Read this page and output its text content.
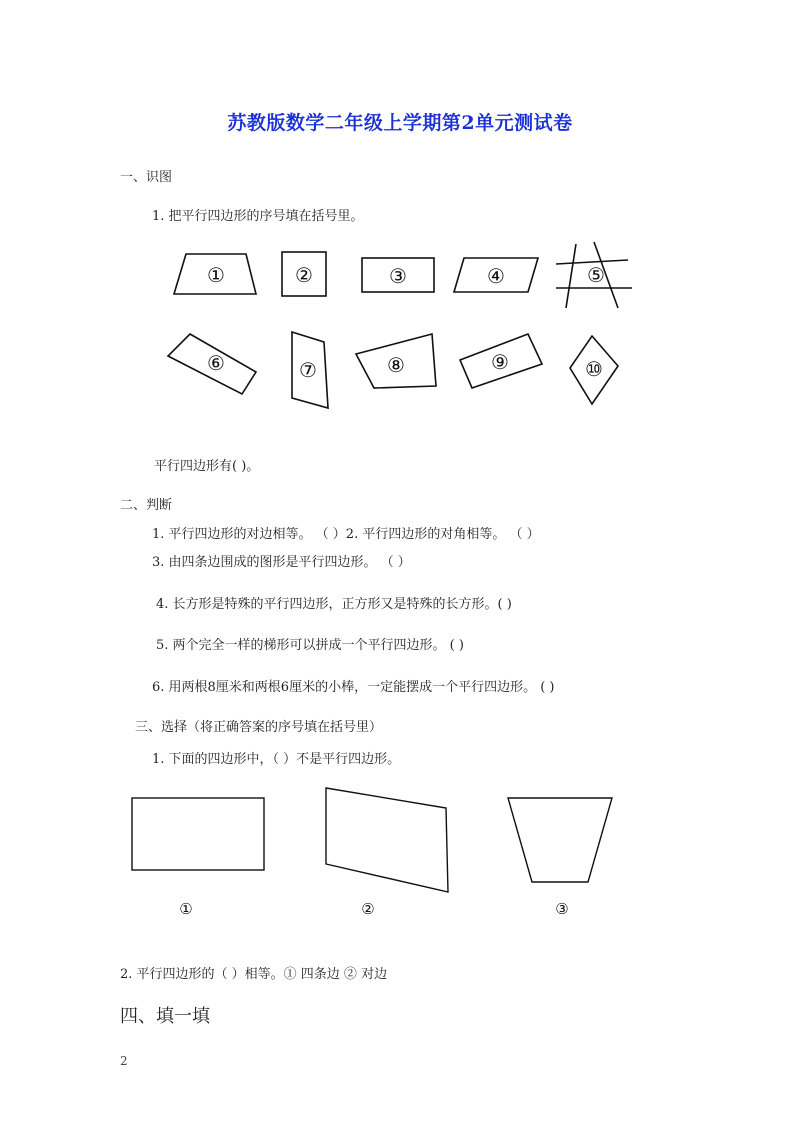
苏教版数学二年级上学期第2单元测试卷
一、识图
1. 把平行四边形的序号填在括号里。
①	②	③	④	⑤
⑥	⑦	⑧	⑨	⑩
平行四边形有( )。
二、判断
1. 平行四边形的对边相等。 （ ）2. 平行四边形的对角相等。 （ ）
3. 由四条边围成的图形是平行四边形。 （ ）
4. 长方形是特殊的平行四边形，正方形又是特殊的长方形。( )
5. 两个完全一样的梯形可以拼成一个平行四边形。 ( )
6. 用两根8厘米和两根6厘米的小棒，一定能摆成一个平行四边形。 ( )
三、选择（将正确答案的序号填在括号里）
1. 下面的四边形中，（ ）不是平行四边形。
①	②	③
2. 平行四边形的（ ）相等。① 四条边 ② 对边
四、填一填
2
